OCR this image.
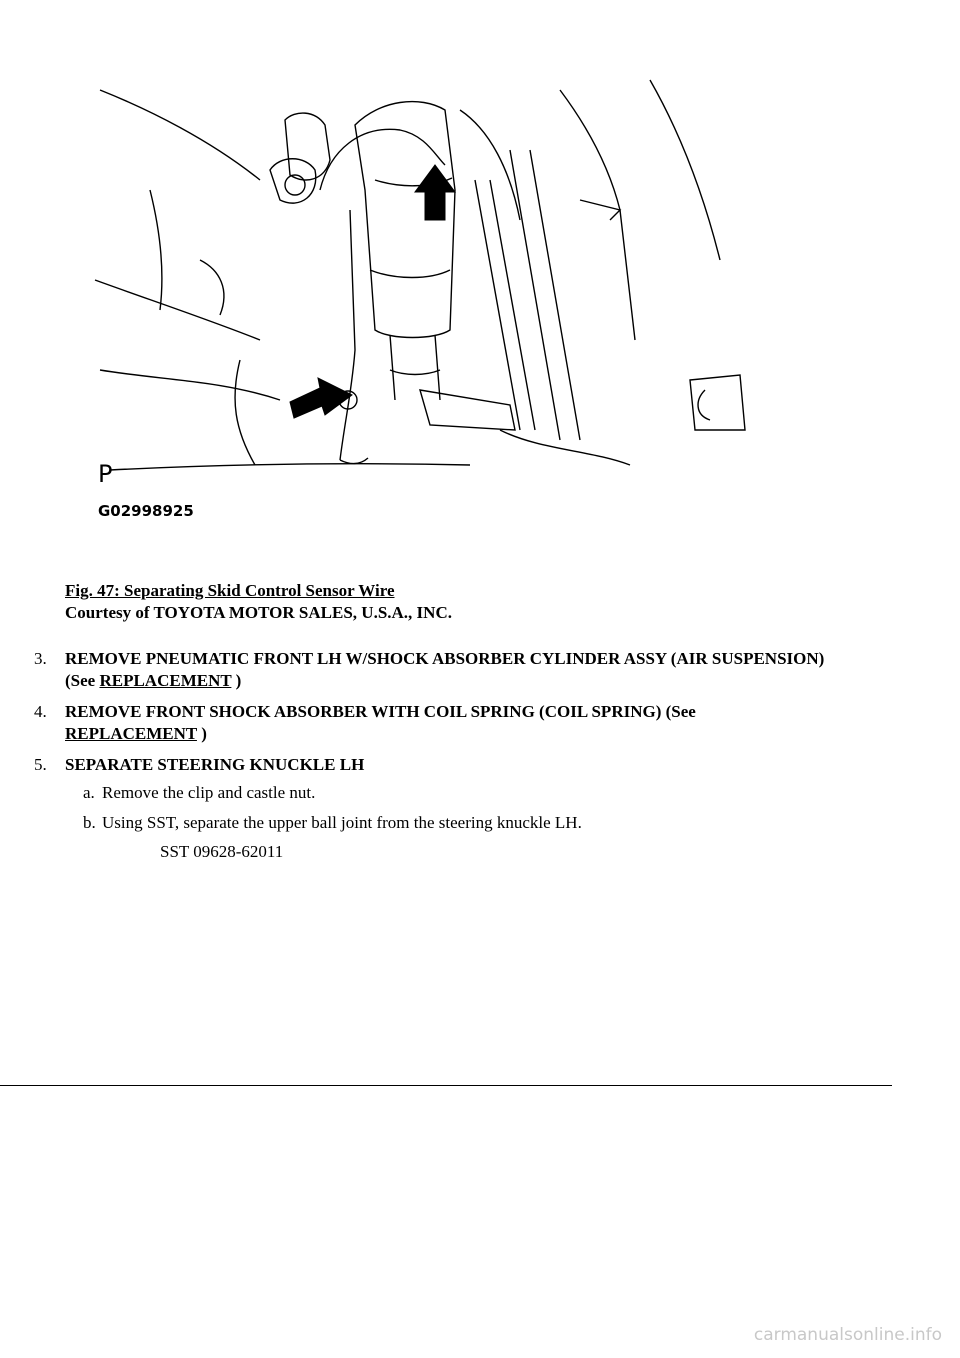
P
G02998925
Fig. 47: Separating Skid Control Sensor Wire
Courtesy of TOYOTA MOTOR SALES, U.S.A., INC.
3. REMOVE PNEUMATIC FRONT LH W/SHOCK ABSORBER CYLINDER ASSY (AIR SUSPENSION) (See REPLACEMENT )
4. REMOVE FRONT SHOCK ABSORBER WITH COIL SPRING (COIL SPRING) (See
REPLACEMENT )
5. SEPARATE STEERING KNUCKLE LH
a. Remove the clip and castle nut.
b. Using SST, separate the upper ball joint from the steering knuckle LH.
SST 09628-62011
carmanualsonline.info
